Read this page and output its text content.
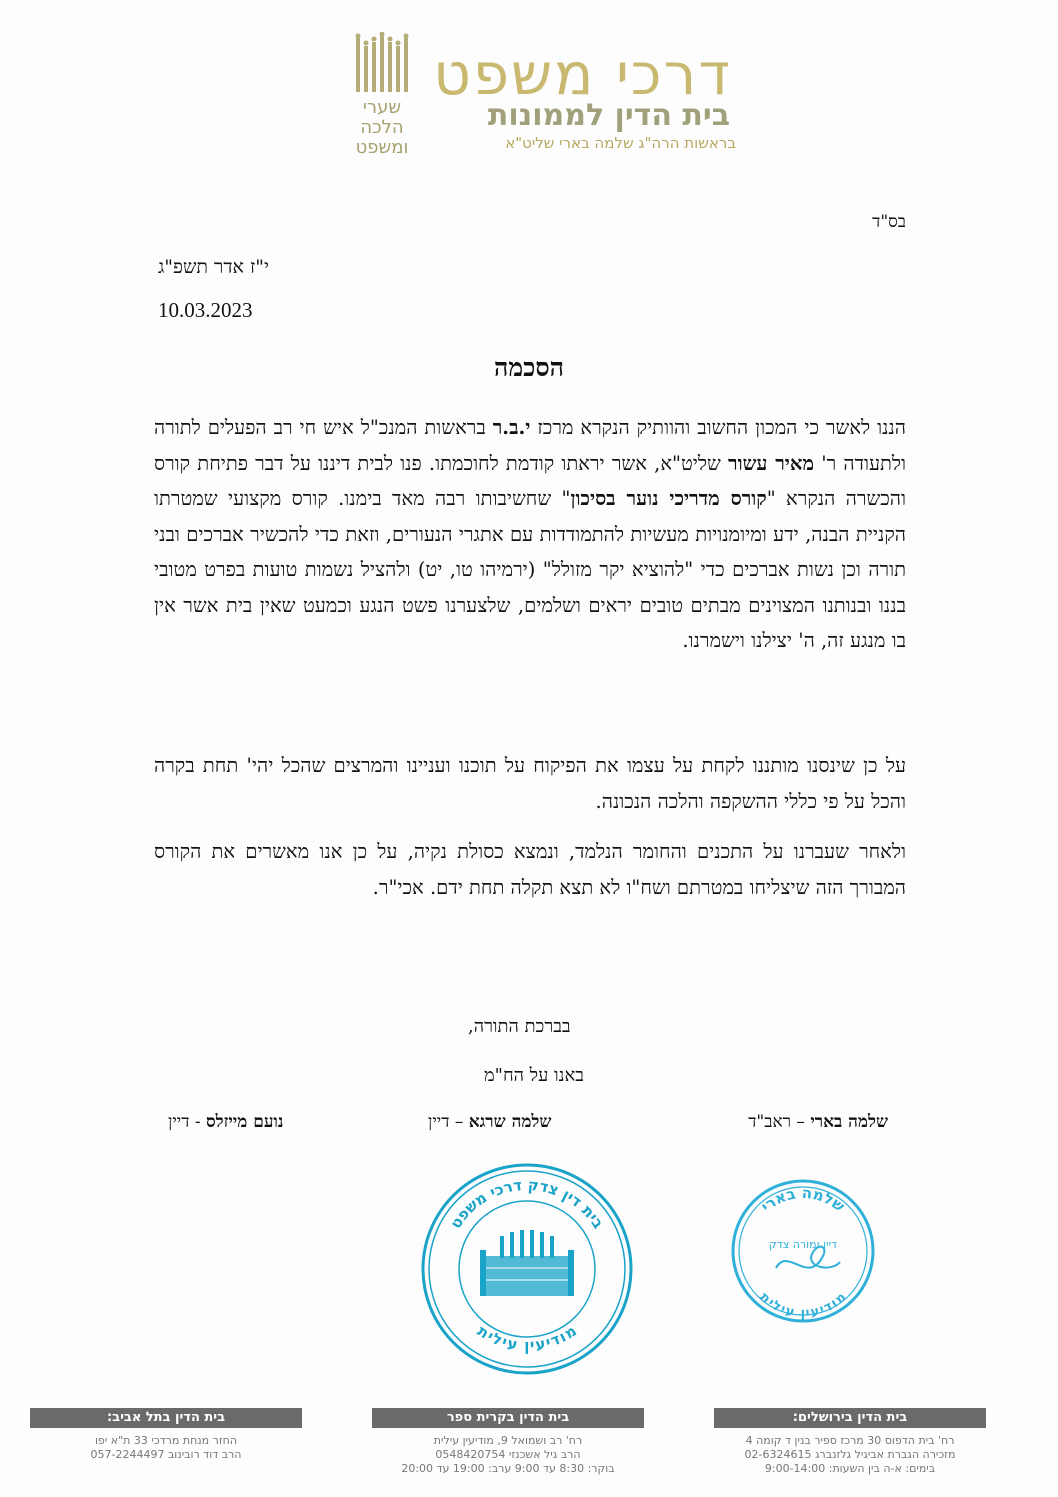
שערי
הלכה
ומשפט
דרכי משפט
בית הדין לממונות
בראשות הרה"ג שלמה בארי שליט"א
בס"ד
י"ז אדר תשפ"ג
10.03.2023
הסכמה
הננו לאשר כי המכון החשוב והוותיק הנקרא מרכז י.ב.ר בראשות המנכ"ל איש חי רב הפעלים לתורה ולתעודה ר' מאיר עשור שליט"א, אשר יראתו קודמת לחוכמתו. פנו לבית דיננו על דבר פתיחת קורס והכשרה הנקרא "קורס מדריכי נוער בסיכון" שחשיבותו רבה מאד בימנו. קורס מקצועי שמטרתו הקניית הבנה, ידע ומיומנויות מעשיות להתמודדות עם אתגרי הנעורים, וזאת כדי להכשיר אברכים ובני תורה וכן נשות אברכים כדי "להוציא יקר מזולל" (ירמיהו טו, יט) ולהציל נשמות טועות בפרט מטובי בננו ובנותנו המצוינים מבתים טובים יראים ושלמים, שלצערנו פשט הנגע וכמעט שאין בית אשר אין בו מנגע זה, ה' יצילנו וישמרנו.
על כן שינסנו מותננו לקחת על עצמו את הפיקוח על תוכנו ועניינו והמרצים שהכל יהי' תחת בקרה והכל על פי כללי ההשקפה והלכה הנכונה.
ולאחר שעברנו על התכנים והחומר הנלמד, ונמצא כסולת נקיה, על כן אנו מאשרים את הקורס המבורך הזה שיצליחו במטרתם ושח"ו לא תצא תקלה תחת ידם. אכי"ר.
בברכת התורה,
באנו על הח"מ
שלמה בארי – ראב"ד
שלמה שרגא – דיין
נועם מייזלס - דיין
בית דין צדק דרכי משפט
מודיעין עילית
שלמה בארי
דיין ומורה צדק
מודיעין עילית
בית הדין בירושלים:
בית הדין בקרית ספר
בית הדין בתל אביב:
רח' בית הדפוס 30 מרכז ספיר בנין ד קומה 4
מזכירה הגברת אביגיל גלזנברג 02-6324615
בימים: א-ה בין השעות: 9:00-14:00
רח' רב ושמואל 9, מודיעין עילית
הרב גיל אשכנזי 0548420754
בוקר: 8:30 עד 9:00 ערב: 19:00 עד 20:00
החזר מנחת מרדכי 33 ת"א יפו
הרב דוד רובינוב 057-2244497
